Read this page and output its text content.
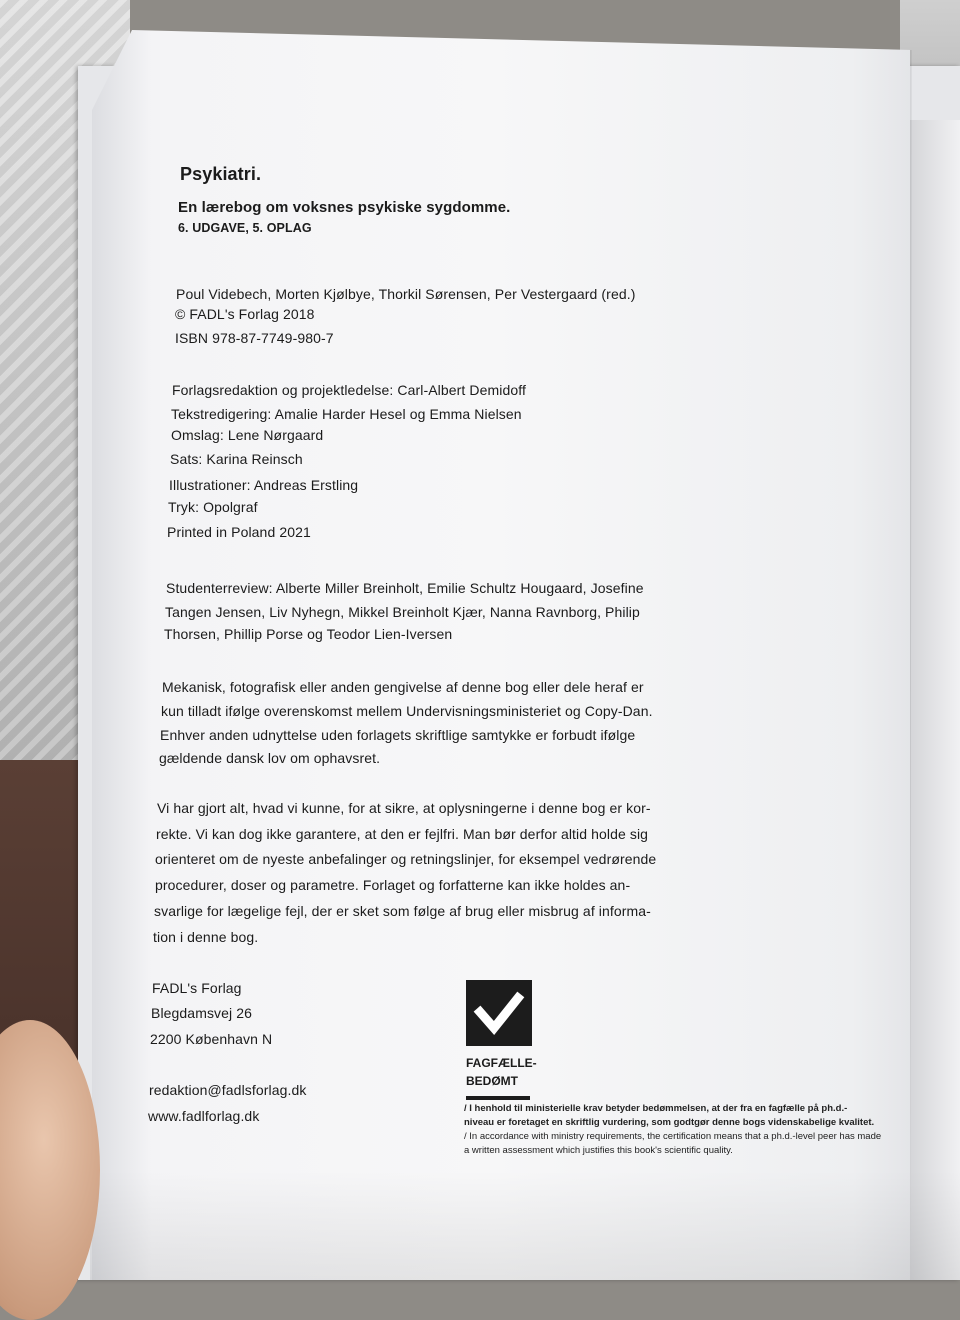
Psykiatri.
En lærebog om voksnes psykiske sygdomme.
6. UDGAVE, 5. OPLAG
Poul Videbech, Morten Kjølbye, Thorkil Sørensen, Per Vestergaard (red.)
© FADL's Forlag 2018
ISBN 978-87-7749-980-7
Forlagsredaktion og projektledelse: Carl-Albert Demidoff
Tekstredigering: Amalie Harder Hesel og Emma Nielsen
Omslag: Lene Nørgaard
Sats: Karina Reinsch
Illustrationer: Andreas Erstling
Tryk: Opolgraf
Printed in Poland 2021
Studenterreview: Alberte Miller Breinholt, Emilie Schultz Hougaard, Josefine
Tangen Jensen, Liv Nyhegn, Mikkel Breinholt Kjær, Nanna Ravnborg, Philip
Thorsen, Phillip Porse og Teodor Lien-Iversen
Mekanisk, fotografisk eller anden gengivelse af denne bog eller dele heraf er
kun tilladt ifølge overenskomst mellem Undervisningsministeriet og Copy-Dan.
Enhver anden udnyttelse uden forlagets skriftlige samtykke er forbudt ifølge
gældende dansk lov om ophavsret.
Vi har gjort alt, hvad vi kunne, for at sikre, at oplysningerne i denne bog er kor-
rekte. Vi kan dog ikke garantere, at den er fejlfri. Man bør derfor altid holde sig
orienteret om de nyeste anbefalinger og retningslinjer, for eksempel vedrørende
procedurer, doser og parametre. Forlaget og forfatterne kan ikke holdes an-
svarlige for lægelige fejl, der er sket som følge af brug eller misbrug af informa-
tion i denne bog.
FADL's Forlag
Blegdamsvej 26
2200 København N
redaktion@fadlsforlag.dk
www.fadlforlag.dk
FAGFÆLLE-
BEDØMT
/ I henhold til ministerielle krav betyder bedømmelsen, at der fra en fagfælle på ph.d.-
niveau er foretaget en skriftlig vurdering, som godtgør denne bogs videnskabelige kvalitet.
/ In accordance with ministry requirements, the certification means that a ph.d.-level peer has made
a written assessment which justifies this book's scientific quality.
